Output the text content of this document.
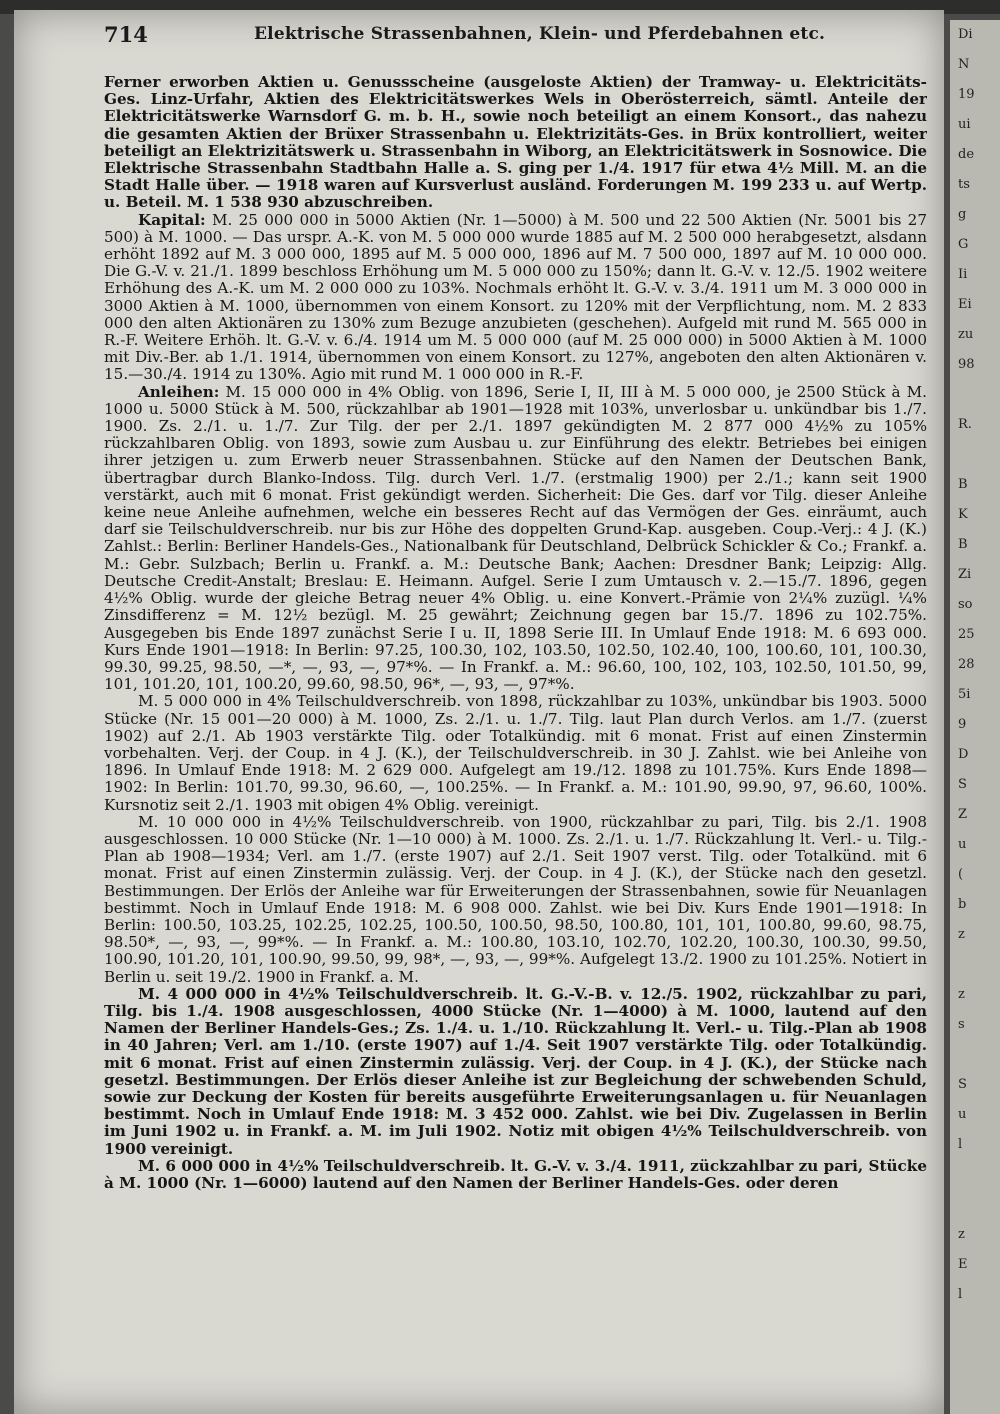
Di
N
19
ui
de
ts
g
G
Ii
Ei
zu
98

R.

B
K
B
Zi
so
25
28
5i
9
D
S
Z
u
(
b
z

z
s

S
u
l

z
E
l
714	Elektrische Strassenbahnen, Klein- und Pferdebahnen etc.

Ferner erworben Aktien u. Genussscheine (ausgeloste Aktien) der Tramway- u. Elektricitäts-Ges. Linz-Urfahr, Aktien des Elektricitätswerkes Wels in Oberösterreich, sämtl. Anteile der Elektricitätswerke Warnsdorf G. m. b. H., sowie noch beteiligt an einem Konsort., das nahezu die gesamten Aktien der Brüxer Strassenbahn u. Elektrizitäts-Ges. in Brüx kontrolliert, weiter beteiligt an Elektrizitätswerk u. Strassenbahn in Wiborg, an Elektricitätswerk in Sosnowice. Die Elektrische Strassenbahn Stadtbahn Halle a. S. ging per 1./4. 1917 für etwa 4½ Mill. M. an die Stadt Halle über. — 1918 waren auf Kursverlust ausländ. Forderungen M. 199 233 u. auf Wertp. u. Beteil. M. 1 538 930 abzuschreiben.

Kapital: M. 25 000 000 in 5000 Aktien (Nr. 1—5000) à M. 500 und 22 500 Aktien (Nr. 5001 bis 27 500) à M. 1000. — Das urspr. A.-K. von M. 5 000 000 wurde 1885 auf M. 2 500 000 herabgesetzt, alsdann erhöht 1892 auf M. 3 000 000, 1895 auf M. 5 000 000, 1896 auf M. 7 500 000, 1897 auf M. 10 000 000. Die G.-V. v. 21./1. 1899 beschloss Erhöhung um M. 5 000 000 zu 150%; dann lt. G.-V. v. 12./5. 1902 weitere Erhöhung des A.-K. um M. 2 000 000 zu 103%. Nochmals erhöht lt. G.-V. v. 3./4. 1911 um M. 3 000 000 in 3000 Aktien à M. 1000, übernommen von einem Konsort. zu 120% mit der Verpflichtung, nom. M. 2 833 000 den alten Aktionären zu 130% zum Bezuge anzubieten (geschehen). Aufgeld mit rund M. 565 000 in R.-F. Weitere Erhöh. lt. G.-V. v. 6./4. 1914 um M. 5 000 000 (auf M. 25 000 000) in 5000 Aktien à M. 1000 mit Div.-Ber. ab 1./1. 1914, übernommen von einem Konsort. zu 127%, angeboten den alten Aktionären v. 15.—30./4. 1914 zu 130%. Agio mit rund M. 1 000 000 in R.-F.

Anleihen: M. 15 000 000 in 4% Oblig. von 1896, Serie I, II, III à M. 5 000 000, je 2500 Stück à M. 1000 u. 5000 Stück à M. 500, rückzahlbar ab 1901—1928 mit 103%, unverlosbar u. unkündbar bis 1./7. 1900. Zs. 2./1. u. 1./7. Zur Tilg. der per 2./1. 1897 gekündigten M. 2 877 000 4½% zu 105% rückzahlbaren Oblig. von 1893, sowie zum Ausbau u. zur Einführung des elektr. Betriebes bei einigen ihrer jetzigen u. zum Erwerb neuer Strassenbahnen. Stücke auf den Namen der Deutschen Bank, übertragbar durch Blanko-Indoss. Tilg. durch Verl. 1./7. (erstmalig 1900) per 2./1.; kann seit 1900 verstärkt, auch mit 6 monat. Frist gekündigt werden. Sicherheit: Die Ges. darf vor Tilg. dieser Anleihe keine neue Anleihe aufnehmen, welche ein besseres Recht auf das Vermögen der Ges. einräumt, auch darf sie Teilschuldverschreib. nur bis zur Höhe des doppelten Grund-Kap. ausgeben. Coup.-Verj.: 4 J. (K.) Zahlst.: Berlin: Berliner Handels-Ges., Nationalbank für Deutschland, Delbrück Schickler & Co.; Frankf. a. M.: Gebr. Sulzbach; Berlin u. Frankf. a. M.: Deutsche Bank; Aachen: Dresdner Bank; Leipzig: Allg. Deutsche Credit-Anstalt; Breslau: E. Heimann. Aufgel. Serie I zum Umtausch v. 2.—15./7. 1896, gegen 4½% Oblig. wurde der gleiche Betrag neuer 4% Oblig. u. eine Konvert.-Prämie von 2¼% zuzügl. ¼% Zinsdifferenz = M. 12½ bezügl. M. 25 gewährt; Zeichnung gegen bar 15./7. 1896 zu 102.75%. Ausgegeben bis Ende 1897 zunächst Serie I u. II, 1898 Serie III. In Umlauf Ende 1918: M. 6 693 000. Kurs Ende 1901—1918: In Berlin: 97.25, 100.30, 102, 103.50, 102.50, 102.40, 100, 100.60, 101, 100.30, 99.30, 99.25, 98.50, —*, —, 93, —, 97*%. — In Frankf. a. M.: 96.60, 100, 102, 103, 102.50, 101.50, 99, 101, 101.20, 101, 100.20, 99.60, 98.50, 96*, —, 93, —, 97*%.

M. 5 000 000 in 4% Teilschuldverschreib. von 1898, rückzahlbar zu 103%, unkündbar bis 1903. 5000 Stücke (Nr. 15 001—20 000) à M. 1000, Zs. 2./1. u. 1./7. Tilg. laut Plan durch Verlos. am 1./7. (zuerst 1902) auf 2./1. Ab 1903 verstärkte Tilg. oder Totalkündig. mit 6 monat. Frist auf einen Zinstermin vorbehalten. Verj. der Coup. in 4 J. (K.), der Teilschuldverschreib. in 30 J. Zahlst. wie bei Anleihe von 1896. In Umlauf Ende 1918: M. 2 629 000. Aufgelegt am 19./12. 1898 zu 101.75%. Kurs Ende 1898—1902: In Berlin: 101.70, 99.30, 96.60, —, 100.25%. — In Frankf. a. M.: 101.90, 99.90, 97, 96.60, 100%. Kursnotiz seit 2./1. 1903 mit obigen 4% Oblig. vereinigt.

M. 10 000 000 in 4½% Teilschuldverschreib. von 1900, rückzahlbar zu pari, Tilg. bis 2./1. 1908 ausgeschlossen. 10 000 Stücke (Nr. 1—10 000) à M. 1000. Zs. 2./1. u. 1./7. Rückzahlung lt. Verl.- u. Tilg.-Plan ab 1908—1934; Verl. am 1./7. (erste 1907) auf 2./1. Seit 1907 verst. Tilg. oder Totalkünd. mit 6 monat. Frist auf einen Zinstermin zulässig. Verj. der Coup. in 4 J. (K.), der Stücke nach den gesetzl. Bestimmungen. Der Erlös der Anleihe war für Erweiterungen der Strassenbahnen, sowie für Neuanlagen bestimmt. Noch in Umlauf Ende 1918: M. 6 908 000. Zahlst. wie bei Div. Kurs Ende 1901—1918: In Berlin: 100.50, 103.25, 102.25, 102.25, 100.50, 100.50, 98.50, 100.80, 101, 101, 100.80, 99.60, 98.75, 98.50*, —, 93, —, 99*%. — In Frankf. a. M.: 100.80, 103.10, 102.70, 102.20, 100.30, 100.30, 99.50, 100.90, 101.20, 101, 100.90, 99.50, 99, 98*, —, 93, —, 99*%. Aufgelegt 13./2. 1900 zu 101.25%. Notiert in Berlin u. seit 19./2. 1900 in Frankf. a. M.

M. 4 000 000 in 4½% Teilschuldverschreib. lt. G.-V.-B. v. 12./5. 1902, rückzahlbar zu pari, Tilg. bis 1./4. 1908 ausgeschlossen, 4000 Stücke (Nr. 1—4000) à M. 1000, lautend auf den Namen der Berliner Handels-Ges.; Zs. 1./4. u. 1./10. Rückzahlung lt. Verl.- u. Tilg.-Plan ab 1908 in 40 Jahren; Verl. am 1./10. (erste 1907) auf 1./4. Seit 1907 verstärkte Tilg. oder Totalkündig. mit 6 monat. Frist auf einen Zinstermin zulässig. Verj. der Coup. in 4 J. (K.), der Stücke nach gesetzl. Bestimmungen. Der Erlös dieser Anleihe ist zur Begleichung der schwebenden Schuld, sowie zur Deckung der Kosten für bereits ausgeführte Erweiterungsanlagen u. für Neuanlagen bestimmt. Noch in Umlauf Ende 1918: M. 3 452 000. Zahlst. wie bei Div. Zugelassen in Berlin im Juni 1902 u. in Frankf. a. M. im Juli 1902. Notiz mit obigen 4½% Teilschuldverschreib. von 1900 vereinigt.

M. 6 000 000 in 4½% Teilschuldverschreib. lt. G.-V. v. 3./4. 1911, zückzahlbar zu pari, Stücke à M. 1000 (Nr. 1—6000) lautend auf den Namen der Berliner Handels-Ges. oder deren
